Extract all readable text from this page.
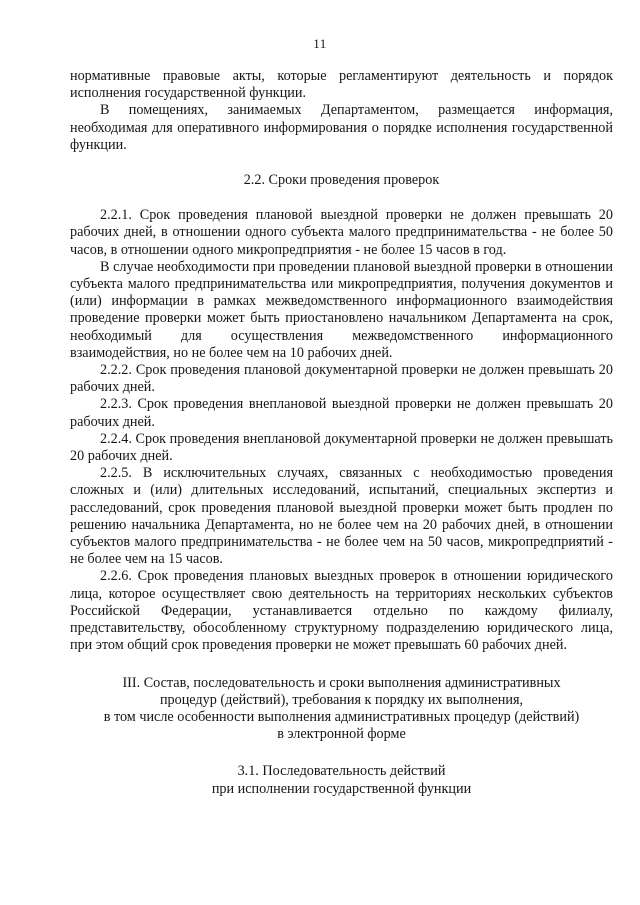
11

нормативные правовые акты, которые регламентируют деятельность и порядок исполнения государственной функции.

В помещениях, занимаемых Департаментом, размещается информация, необходимая для оперативного информирования о порядке исполнения государственной функции.

2.2. Сроки проведения проверок

2.2.1. Срок проведения плановой выездной проверки не должен превышать 20 рабочих дней, в отношении одного субъекта малого предпринимательства - не более 50 часов, в отношении одного микропредприятия - не более 15 часов в год.

В случае необходимости при проведении плановой выездной проверки в отношении субъекта малого предпринимательства или микропредприятия, получения документов и (или) информации в рамках межведомственного информационного взаимодействия проведение проверки может быть приостановлено начальником Департамента на срок, необходимый для осуществления межведомственного информационного взаимодействия, но не более чем на 10 рабочих дней.

2.2.2. Срок проведения плановой документарной проверки не должен превышать 20 рабочих дней.

2.2.3. Срок проведения внеплановой выездной проверки не должен превышать 20 рабочих дней.

2.2.4. Срок проведения внеплановой документарной проверки не должен превышать 20 рабочих дней.

2.2.5. В исключительных случаях, связанных с необходимостью проведения сложных и (или) длительных исследований, испытаний, специальных экспертиз и расследований, срок проведения плановой выездной проверки может быть продлен по решению начальника Департамента, но не более чем на 20 рабочих дней, в отношении субъектов малого предпринимательства - не более чем на 50 часов, микропредприятий - не более чем на 15 часов.

2.2.6. Срок проведения плановых выездных проверок в отношении юридического лица, которое осуществляет свою деятельность на территориях нескольких субъектов Российской Федерации, устанавливается отдельно по каждому филиалу, представительству, обособленному структурному подразделению юридического лица, при этом общий срок проведения проверки не может превышать 60 рабочих дней.

III. Состав, последовательность и сроки выполнения административных
процедур (действий), требования к порядку их выполнения,
в том числе особенности выполнения административных процедур (действий)
в электронной форме
3.1. Последовательность действий
при исполнении государственной функции
